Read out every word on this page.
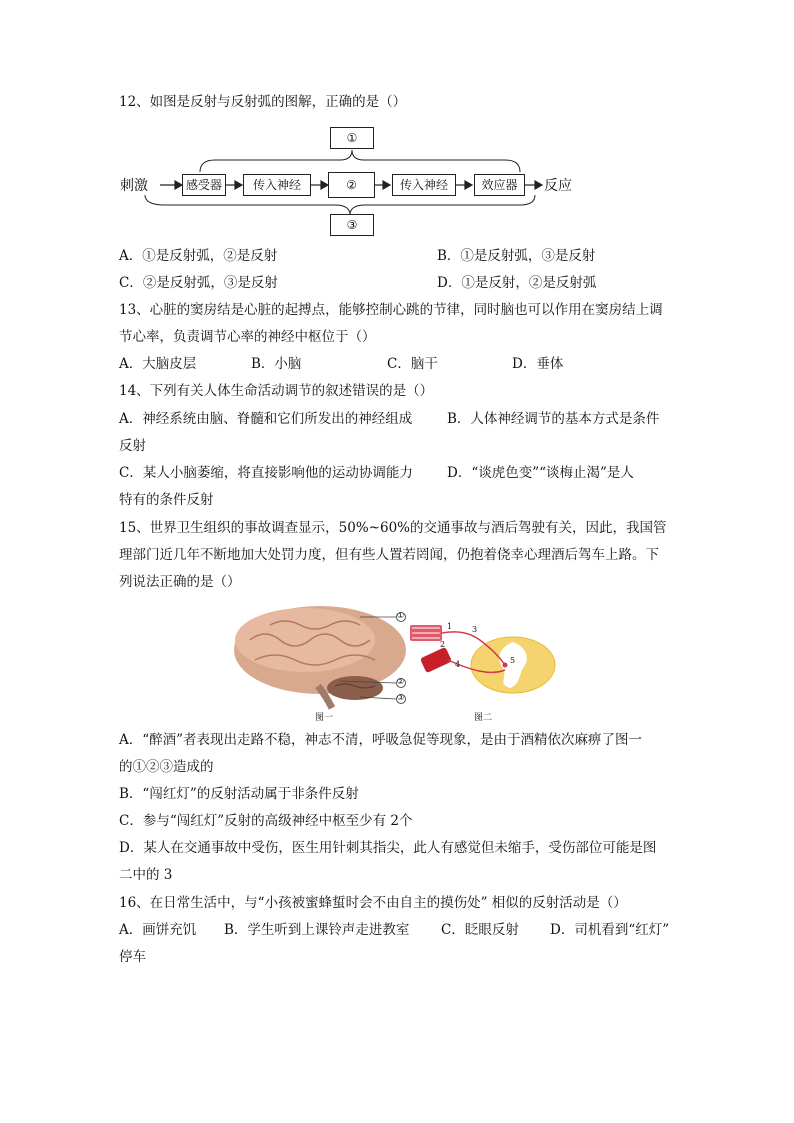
12、如图是反射与反射弧的图解，正确的是（）
①
刺激	感受器	传入神经	②	传入神经	效应器	反应
③
A．①是反射弧，②是反射	B．①是反射弧，③是反射
C．②是反射弧，③是反射	D．①是反射，②是反射弧
13、心脏的窦房结是心脏的起搏点，能够控制心跳的节律，同时脑也可以作用在窦房结上调
节心率，负责调节心率的神经中枢位于（）
A．大脑皮层	B．小脑	C．脑干	D．垂体
14、下列有关人体生命活动调节的叙述错误的是（）
A．神经系统由脑、脊髓和它们所发出的神经组成	B．人体神经调节的基本方式是条件
反射
C．某人小脑萎缩，将直接影响他的运动协调能力	D．“谈虎色变”“谈梅止渴”是人
特有的条件反射
15、世界卫生组织的事故调查显示，50%~60%的交通事故与酒后驾驶有关，因此，我国管
理部门近几年不断地加大处罚力度，但有些人置若罔闻，仍抱着侥幸心理酒后驾车上路。下
列说法正确的是（）
①
②
③
1
2
3
4	5
图一	图二
A．“醉酒”者表现出走路不稳，神志不清，呼吸急促等现象，是由于酒精依次麻痹了图一
的①②③造成的
B．“闯红灯”的反射活动属于非条件反射
C．参与“闯红灯”反射的高级神经中枢至少有 2个
D．某人在交通事故中受伤，医生用针刺其指尖，此人有感觉但未缩手，受伤部位可能是图
二中的 3
16、在日常生活中，与“小孩被蜜蜂蜇时会不由自主的摸伤处” 相似的反射活动是（）
A．画饼充饥 B．学生听到上课铃声走进教室 C．眨眼反射 D．司机看到“红灯”
停车
